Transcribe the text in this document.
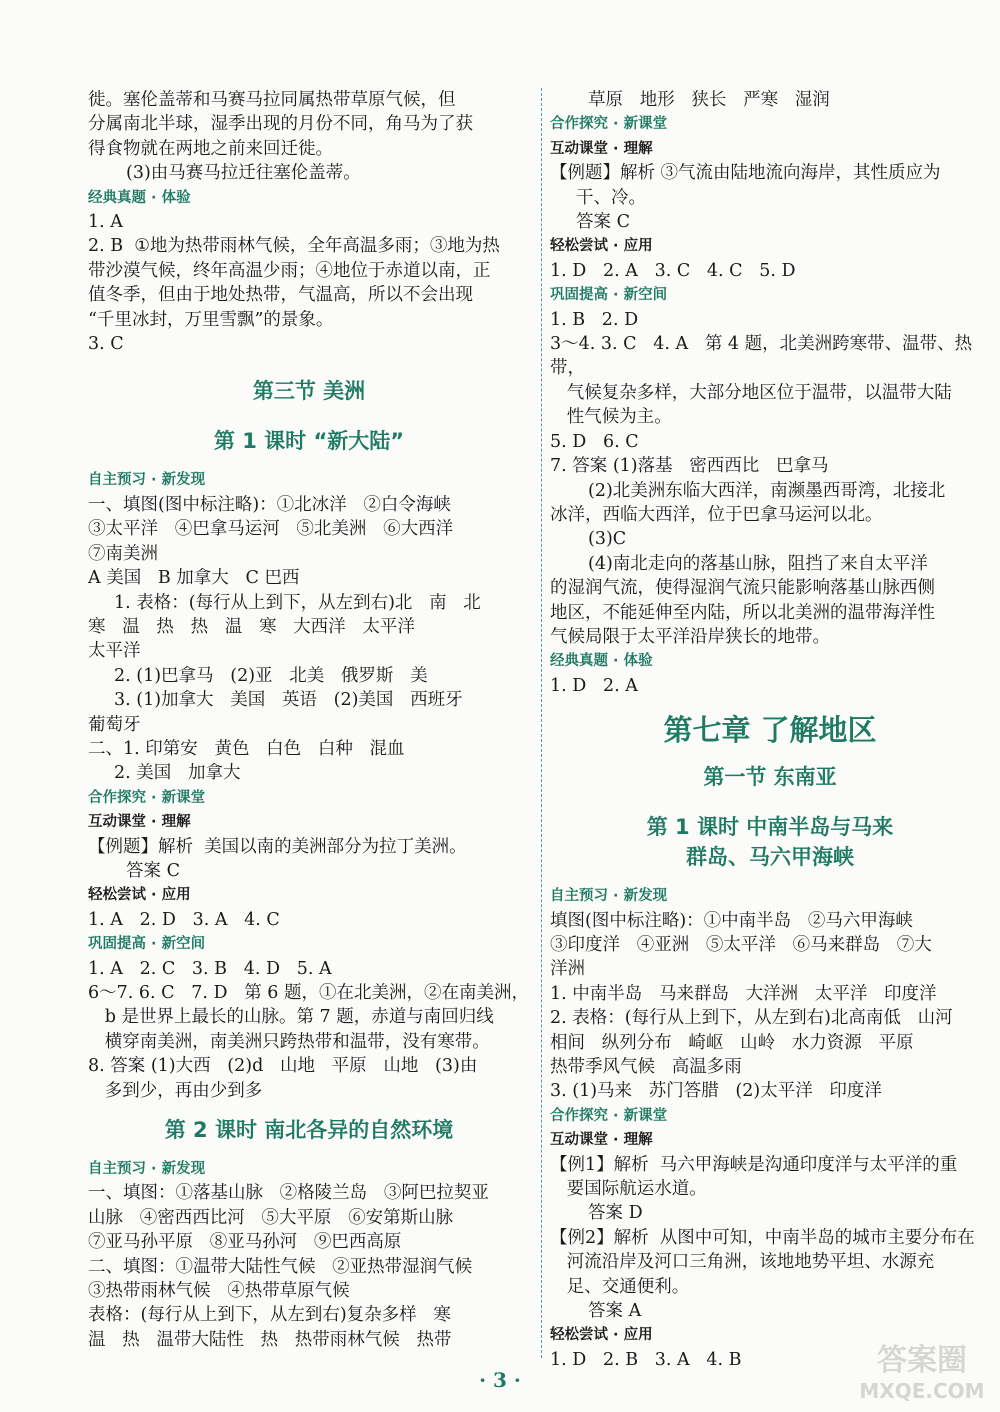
徙。塞伦盖蒂和马赛马拉同属热带草原气候，但
分属南北半球，湿季出现的月份不同，角马为了获
得食物就在两地之前来回迁徙。
(3)由马赛马拉迁往塞伦盖蒂。
经典真题 · 体验
1. A
2. B  ①地为热带雨林气候，全年高温多雨；③地为热
带沙漠气候，终年高温少雨；④地位于赤道以南，正
值冬季，但由于地处热带，气温高，所以不会出现
“千里冰封，万里雪飘”的景象。
3. C
第三节 美洲
第 1 课时 “新大陆”
自主预习 · 新发现
一、填图(图中标注略)：①北冰洋   ②白令海峡
③太平洋   ④巴拿马运河   ⑤北美洲   ⑥大西洋
⑦南美洲
A 美国   B 加拿大   C 巴西
1. 表格：(每行从上到下，从左到右)北   南   北
寒   温   热   热   温   寒   大西洋   太平洋
太平洋
2. (1)巴拿马   (2)亚   北美   俄罗斯   美
3. (1)加拿大   美国   英语   (2)美国   西班牙
葡萄牙
二、1. 印第安   黄色   白色   白种   混血
2. 美国   加拿大
合作探究 · 新课堂
互动课堂 · 理解
【例题】解析  美国以南的美洲部分为拉丁美洲。
答案 C
轻松尝试 · 应用
1. A   2. D   3. A   4. C
巩固提高 · 新空间
1. A   2. C   3. B   4. D   5. A
6～7. 6. C   7. D   第 6 题，①在北美洲，②在南美洲，
b 是世界上最长的山脉。第 7 题，赤道与南回归线
横穿南美洲，南美洲只跨热带和温带，没有寒带。
8. 答案 (1)大西   (2)d   山地   平原   山地   (3)由
多到少，再由少到多
第 2 课时 南北各异的自然环境
自主预习 · 新发现
一、填图：①落基山脉   ②格陵兰岛   ③阿巴拉契亚
山脉   ④密西西比河   ⑤大平原   ⑥安第斯山脉
⑦亚马孙平原   ⑧亚马孙河   ⑨巴西高原
二、填图：①温带大陆性气候   ②亚热带湿润气候
③热带雨林气候   ④热带草原气候
表格：(每行从上到下，从左到右)复杂多样   寒
温   热   温带大陆性   热   热带雨林气候   热带
草原   地形   狭长   严寒   湿润
合作探究 · 新课堂
互动课堂 · 理解
【例题】解析 ③气流由陆地流向海岸，其性质应为
干、冷。
答案 C
轻松尝试 · 应用
1. D   2. A   3. C   4. C   5. D
巩固提高 · 新空间
1. B   2. D
3～4. 3. C   4. A   第 4 题，北美洲跨寒带、温带、热带，
气候复杂多样，大部分地区位于温带，以温带大陆
性气候为主。
5. D   6. C
7. 答案 (1)落基   密西西比   巴拿马
(2)北美洲东临大西洋，南濒墨西哥湾，北接北
冰洋，西临大西洋，位于巴拿马运河以北。
(3)C
(4)南北走向的落基山脉，阻挡了来自太平洋
的湿润气流，使得湿润气流只能影响落基山脉西侧
地区，不能延伸至内陆，所以北美洲的温带海洋性
气候局限于太平洋沿岸狭长的地带。
经典真题 · 体验
1. D   2. A
第七章 了解地区
第一节 东南亚
第 1 课时 中南半岛与马来
群岛、马六甲海峡
自主预习 · 新发现
填图(图中标注略)：①中南半岛   ②马六甲海峡
③印度洋   ④亚洲   ⑤太平洋   ⑥马来群岛   ⑦大
洋洲
1. 中南半岛   马来群岛   大洋洲   太平洋   印度洋
2. 表格：(每行从上到下，从左到右)北高南低   山河
相间   纵列分布   崎岖   山岭   水力资源   平原
热带季风气候   高温多雨
3. (1)马来   苏门答腊   (2)太平洋   印度洋
合作探究 · 新课堂
互动课堂 · 理解
【例1】解析  马六甲海峡是沟通印度洋与太平洋的重
要国际航运水道。
答案 D
【例2】解析  从图中可知，中南半岛的城市主要分布在
河流沿岸及河口三角洲，该地地势平坦、水源充
足、交通便利。
答案 A
轻松尝试 · 应用
1. D   2. B   3. A   4. B
· 3 ·
答案圈
MXQE.COM
